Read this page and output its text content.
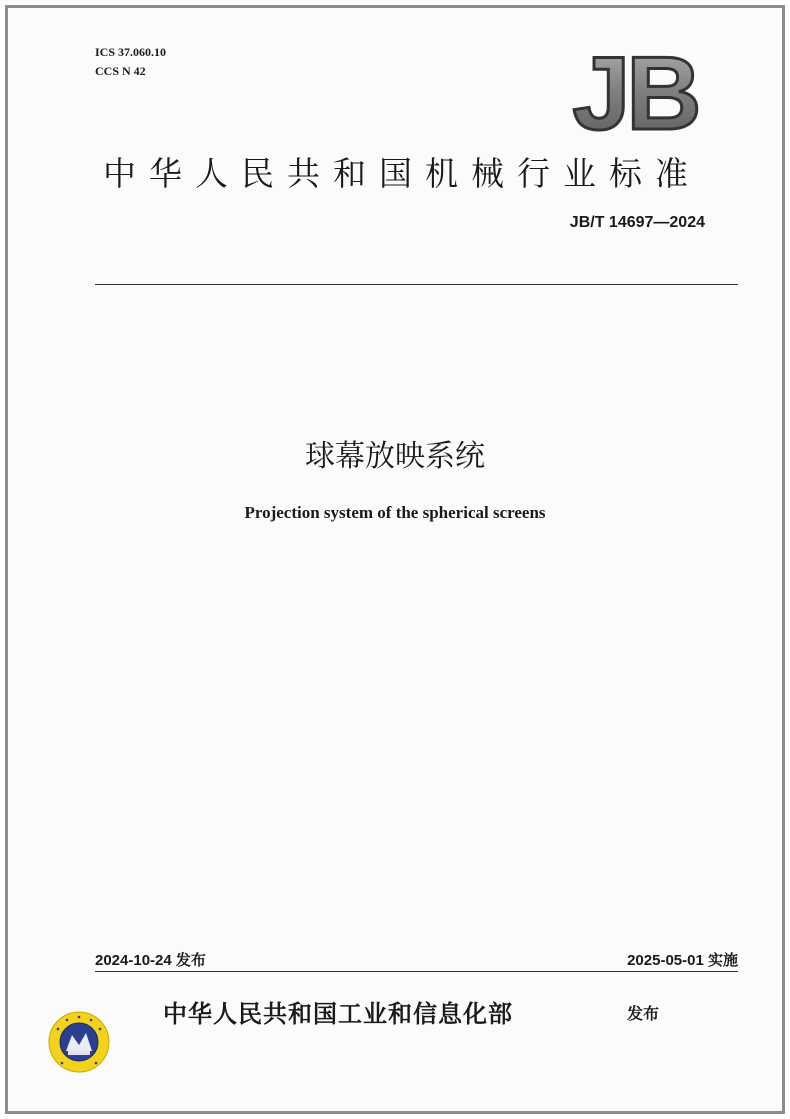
ICS 37.060.10
CCS N 42	JB
中华人民共和国机械行业标准
JB/T 14697—2024
球幕放映系统
Projection system of the spherical screens
2024-10-24 发布	2025-05-01 实施
中华人民共和国工业和信息化部	发布
